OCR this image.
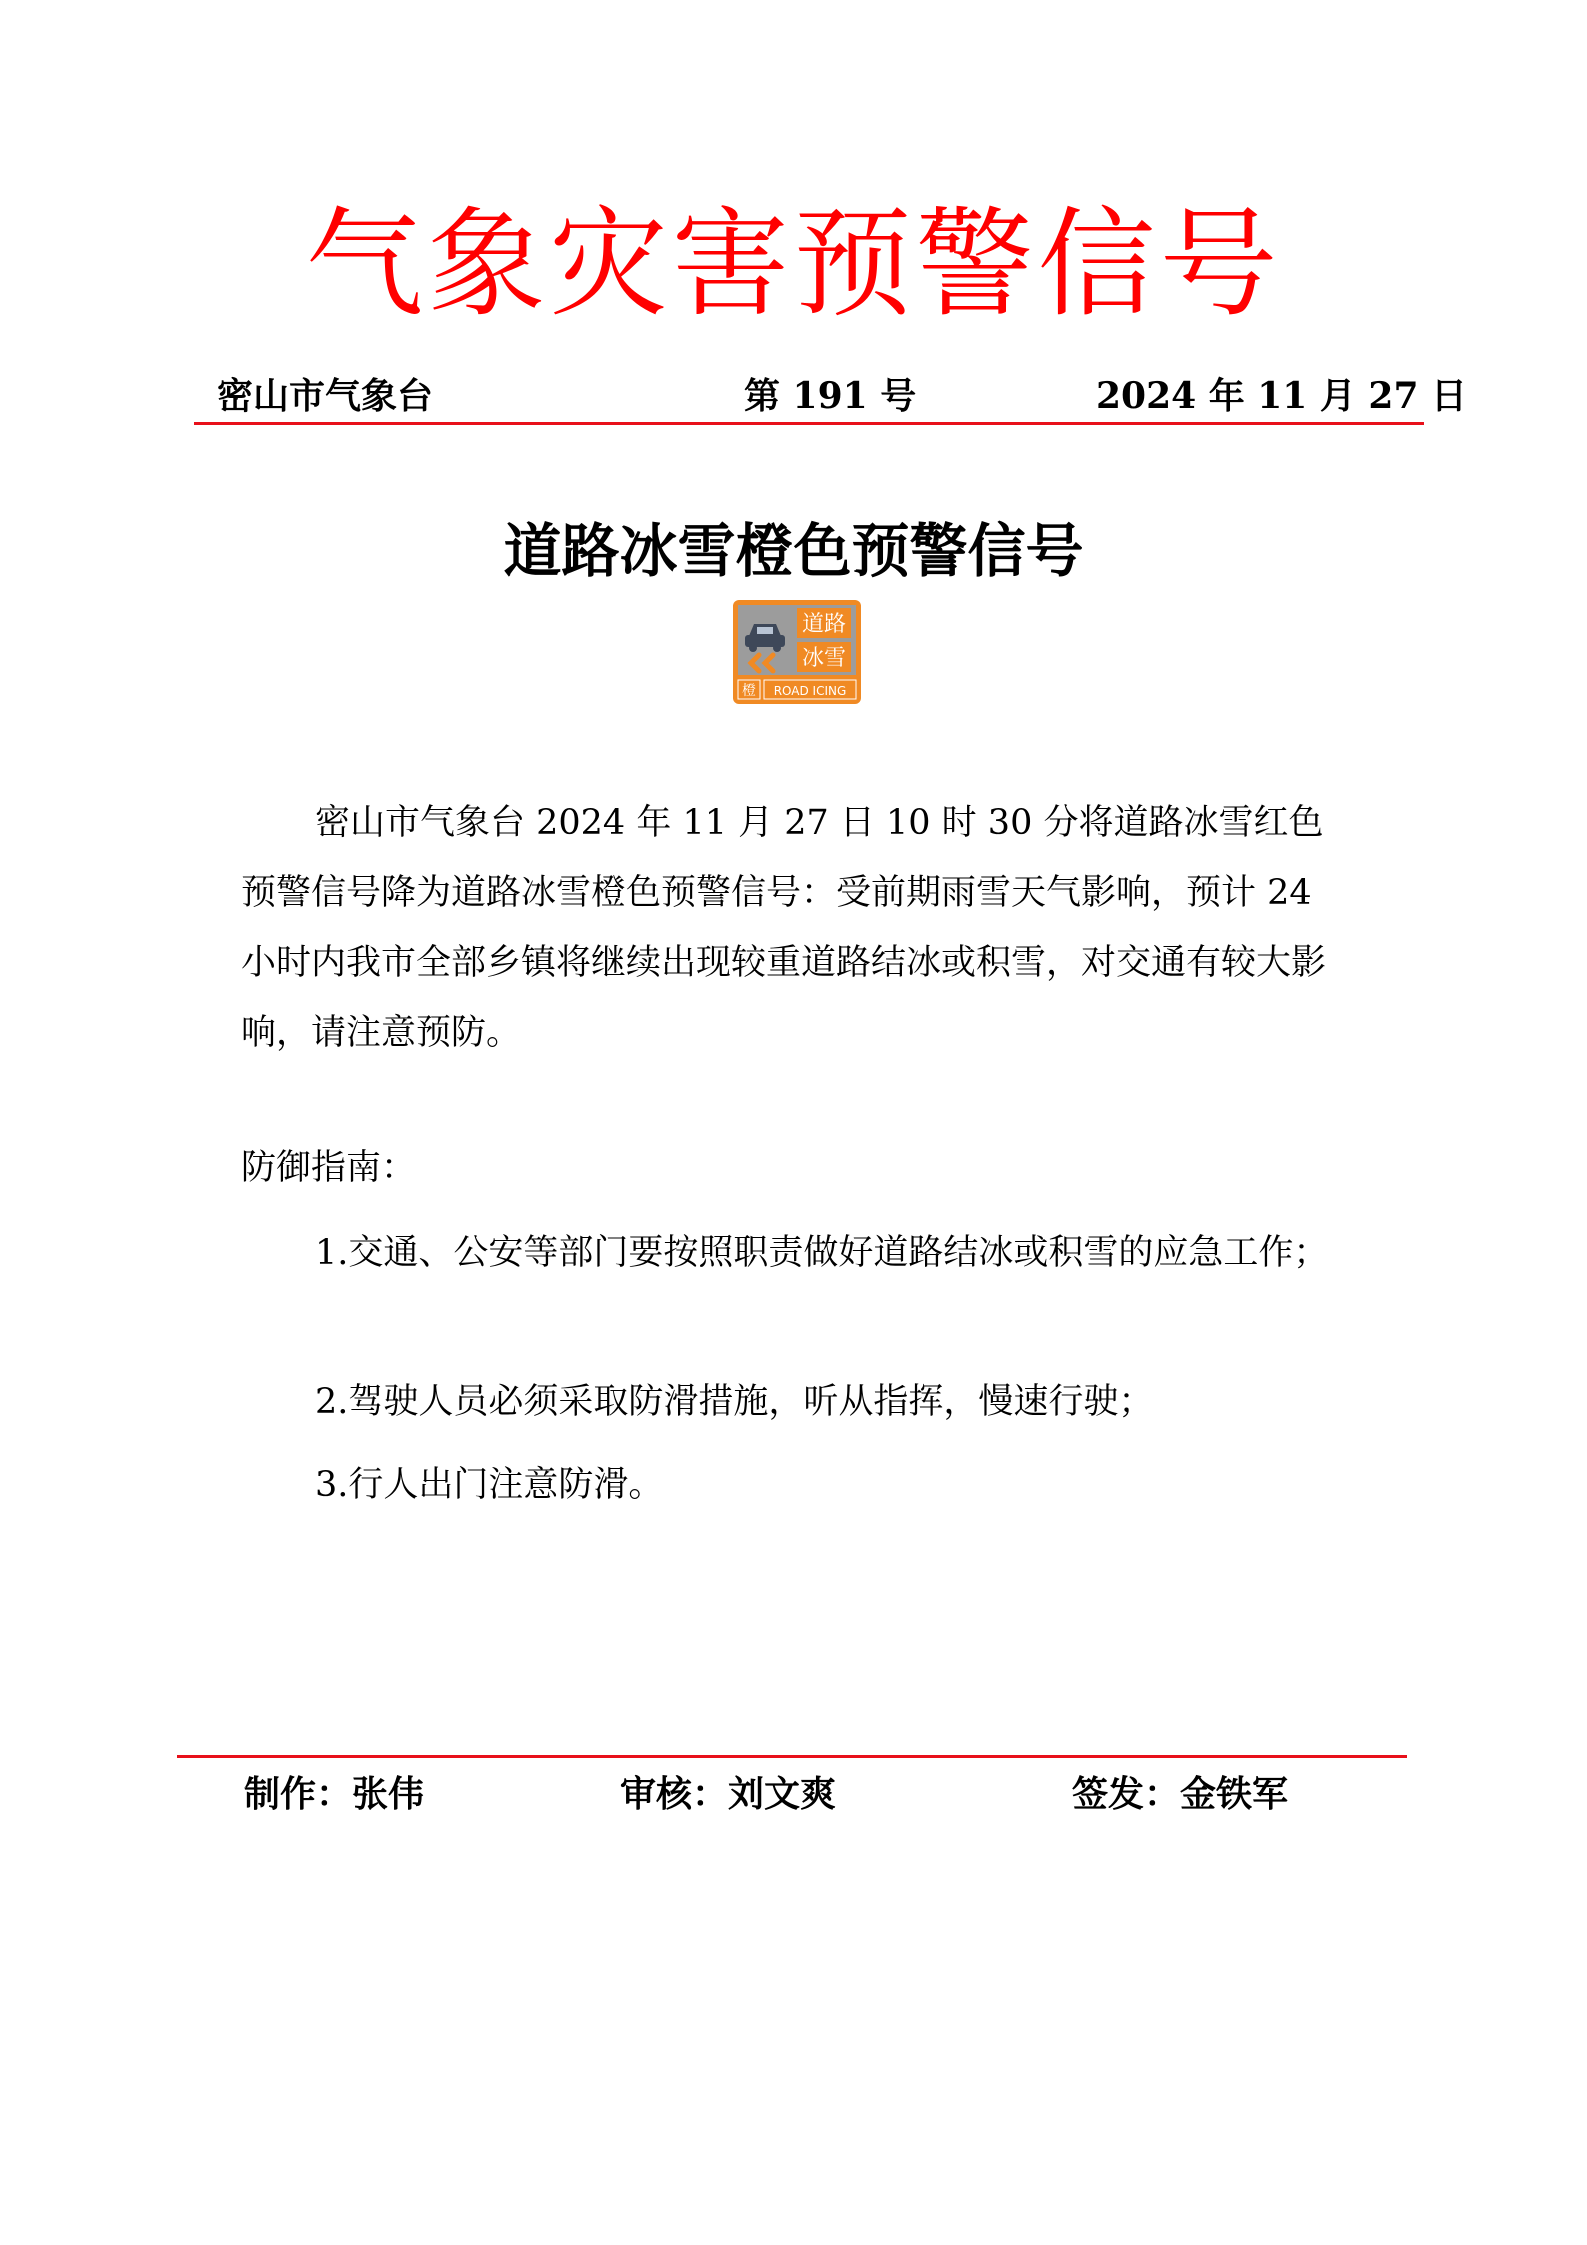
气象灾害预警信号
密山市气象台	第 191 号	2024 年 11 月 27 日
道路冰雪橙色预警信号
道路
冰雪
橙 ROAD ICING

密山市气象台 2024 年 11 月 27 日 10 时 30 分将道路冰雪红色预警信号降为道路冰雪橙色预警信号：受前期雨雪天气影响，预计 24 小时内我市全部乡镇将继续出现较重道路结冰或积雪，对交通有较大影响，请注意预防。

防御指南：

1.交通、公安等部门要按照职责做好道路结冰或积雪的应急工作；

2.驾驶人员必须采取防滑措施，听从指挥，慢速行驶；

3.行人出门注意防滑。

制作：张伟	审核：刘文爽	签发：金铁军
